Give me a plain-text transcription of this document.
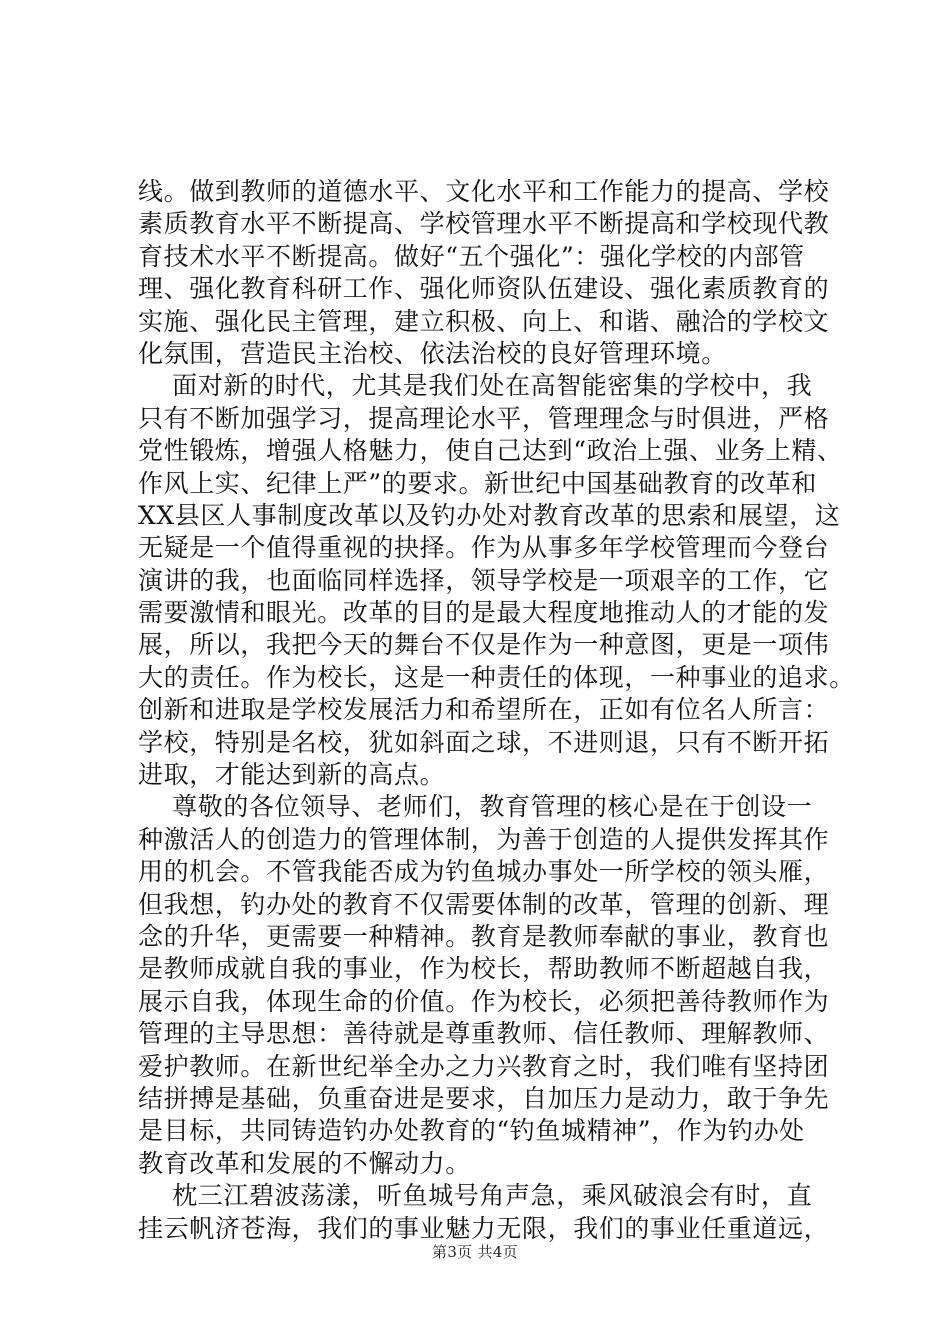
线。做到教师的道德水平、文化水平和工作能力的提高、学校
素质教育水平不断提高、学校管理水平不断提高和学校现代教
育技术水平不断提高。做好“五个强化”：强化学校的内部管
理、强化教育科研工作、强化师资队伍建设、强化素质教育的
实施、强化民主管理，建立积极、向上、和谐、融洽的学校文
化氛围，营造民主治校、依法治校的良好管理环境。
面对新的时代，尤其是我们处在高智能密集的学校中，我
只有不断加强学习，提高理论水平，管理理念与时俱进，严格
党性锻炼，增强人格魅力，使自己达到“政治上强、业务上精、
作风上实、纪律上严”的要求。新世纪中国基础教育的改革和
XX县区人事制度改革以及钓办处对教育改革的思索和展望，这
无疑是一个值得重视的抉择。作为从事多年学校管理而今登台
演讲的我，也面临同样选择，领导学校是一项艰辛的工作，它
需要激情和眼光。改革的目的是最大程度地推动人的才能的发
展，所以，我把今天的舞台不仅是作为一种意图，更是一项伟
大的责任。作为校长，这是一种责任的体现，一种事业的追求。
创新和进取是学校发展活力和希望所在，正如有位名人所言：
学校，特别是名校，犹如斜面之球，不进则退，只有不断开拓
进取，才能达到新的高点。
尊敬的各位领导、老师们，教育管理的核心是在于创设一
种激活人的创造力的管理体制，为善于创造的人提供发挥其作
用的机会。不管我能否成为钓鱼城办事处一所学校的领头雁，
但我想，钓办处的教育不仅需要体制的改革，管理的创新、理
念的升华，更需要一种精神。教育是教师奉献的事业，教育也
是教师成就自我的事业，作为校长，帮助教师不断超越自我，
展示自我，体现生命的价值。作为校长，必须把善待教师作为
管理的主导思想：善待就是尊重教师、信任教师、理解教师、
爱护教师。在新世纪举全办之力兴教育之时，我们唯有坚持团
结拼搏是基础，负重奋进是要求，自加压力是动力，敢于争先
是目标，共同铸造钓办处教育的“钓鱼城精神”，作为钓办处
教育改革和发展的不懈动力。
枕三江碧波荡漾，听鱼城号角声急，乘风破浪会有时，直
挂云帆济苍海，我们的事业魅力无限，我们的事业任重道远，
第3页 共4页
